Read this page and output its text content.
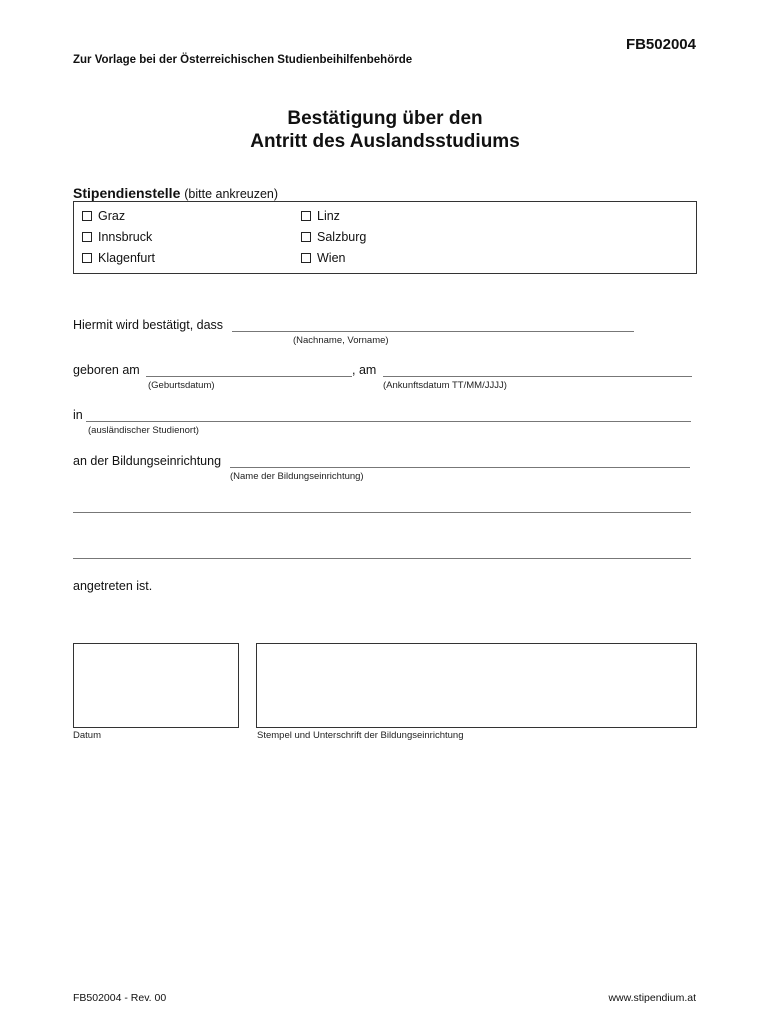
FB502004
Zur Vorlage bei der Österreichischen Studienbeihilfenbehörde
Bestätigung über den
Antritt des Auslandsstudiums
Stipendienstelle (bitte ankreuzen)
Graz
Innsbruck
Klagenfurt
Linz
Salzburg
Wien
Hiermit wird bestätigt, dass
(Nachname, Vorname)
geboren am	, am
(Geburtsdatum)	(Ankunftsdatum TT/MM/JJJJ)
in
(ausländischer Studienort)
an der Bildungseinrichtung
(Name der Bildungseinrichtung)
angetreten ist.
Datum	Stempel und Unterschrift der Bildungseinrichtung
FB502004 - Rev. 00	www.stipendium.at
